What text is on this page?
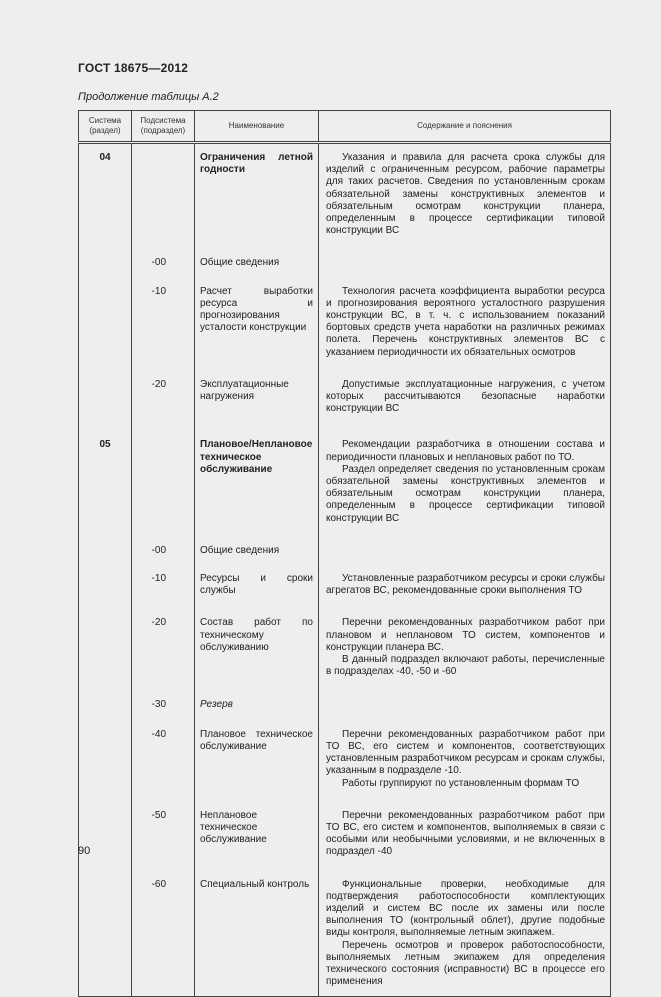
ГОСТ 18675—2012
Продолжение таблицы А.2
Система (раздел)	Подсистема (подраздел)	Наименование	Содержание и пояснения
04		Ограничения летной годности	Указания и правила для расчета срока службы для изделий с ограниченным ресурсом, рабочие параметры для таких расчетов. Сведения по установленным срокам обязательной замены конструктивных элементов и обязательным осмотрам конструкции планера, определенным в процессе сертификации типовой конструкции ВС

	-00	Общие сведения	
	-10	Расчет выработки ресурса и прогнозирования усталости конструкции	Технология расчета коэффициента выработки ресурса и прогнозирования вероятного усталостного разрушения конструкции ВС, в т. ч. с использованием показаний бортовых средств учета наработки на различных режимах полета. Перечень конструктивных элементов ВС с указанием периодичности их обязательных осмотров

	-20	Эксплуатационные нагружения	Допустимые эксплуатационные нагружения, с учетом которых рассчитываются безопасные наработки конструкции ВС

05		Плановое/Неплановое техническое обслуживание	Рекомендации разработчика в отношении состава и периодичности плановых и неплановых работ по ТО.
Раздел определяет сведения по установленным срокам обязательной замены конструктивных элементов и обязательным осмотрам конструкции планера, определенным в процессе сертификации типовой конструкции ВС

	-00	Общие сведения	
	-10	Ресурсы и сроки службы	Установленные разработчиком ресурсы и сроки службы агрегатов ВС, рекомендованные сроки выполнения ТО

	-20	Состав работ по техническому обслуживанию	Перечни рекомендованных разработчиком работ при плановом и неплановом ТО систем, компонентов и конструкции планера ВС.
В данный подраздел включают работы, перечисленные в подразделах -40, -50 и -60

	-30	Резерв	
	-40	Плановое техническое обслуживание	Перечни рекомендованных разработчиком работ при ТО ВС, его систем и компонентов, соответствующих установленным разработчиком ресурсам и срокам службы, указанным в подразделе -10.
Работы группируют по установленным формам ТО

	-50	Неплановое техническое обслуживание	Перечни рекомендованных разработчиком работ при ТО ВС, его систем и компонентов, выполняемых в связи с особыми или необычными условиями, и не включенных в подраздел -40

	-60	Специальный контроль	Функциональные проверки, необходимые для подтверждения работоспособности комплектующих изделий и систем ВС после их замены или после выполнения ТО (контрольный облет), другие подобные виды контроля, выполняемые летным экипажем.
Перечень осмотров и проверок работоспособности, выполняемых летным экипажем для определения технического состояния (исправности) ВС в процессе его применения
90
